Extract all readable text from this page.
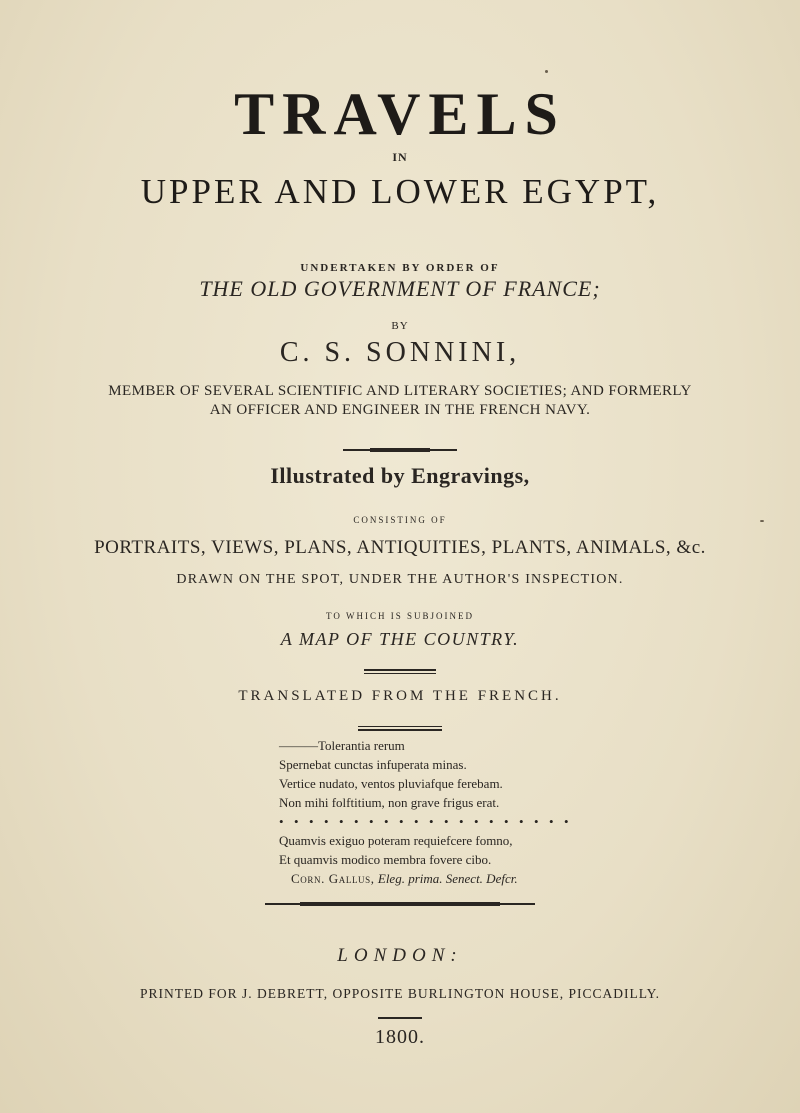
TRAVELS
IN
UPPER AND LOWER EGYPT,
UNDERTAKEN BY ORDER OF
THE OLD GOVERNMENT OF FRANCE;
BY
C. S. SONNINI,
MEMBER OF SEVERAL SCIENTIFIC AND LITERARY SOCIETIES; AND FORMERLY
AN OFFICER AND ENGINEER IN THE FRENCH NAVY.
Illustrated by Engravings,
CONSISTING OF
PORTRAITS, VIEWS, PLANS, ANTIQUITIES, PLANTS, ANIMALS, &c.
DRAWN ON THE SPOT, UNDER THE AUTHOR'S INSPECTION.
TO WHICH IS SUBJOINED
A MAP OF THE COUNTRY.
TRANSLATED FROM THE FRENCH.
———Tolerantia rerum
Spernebat cunctas infuperata minas.
Vertice nudato, ventos pluviafque ferebam.
Non mihi folftitium, non grave frigus erat.
• • • • • • • • • • • • • • • • • • • •
Quamvis exiguo poteram requiefcere fomno,
Et quamvis modico membra fovere cibo.
Corn. Gallus, Eleg. prima. Senect. Defcr.
LONDON:
PRINTED FOR J. DEBRETT, OPPOSITE BURLINGTON HOUSE, PICCADILLY.
1800.
